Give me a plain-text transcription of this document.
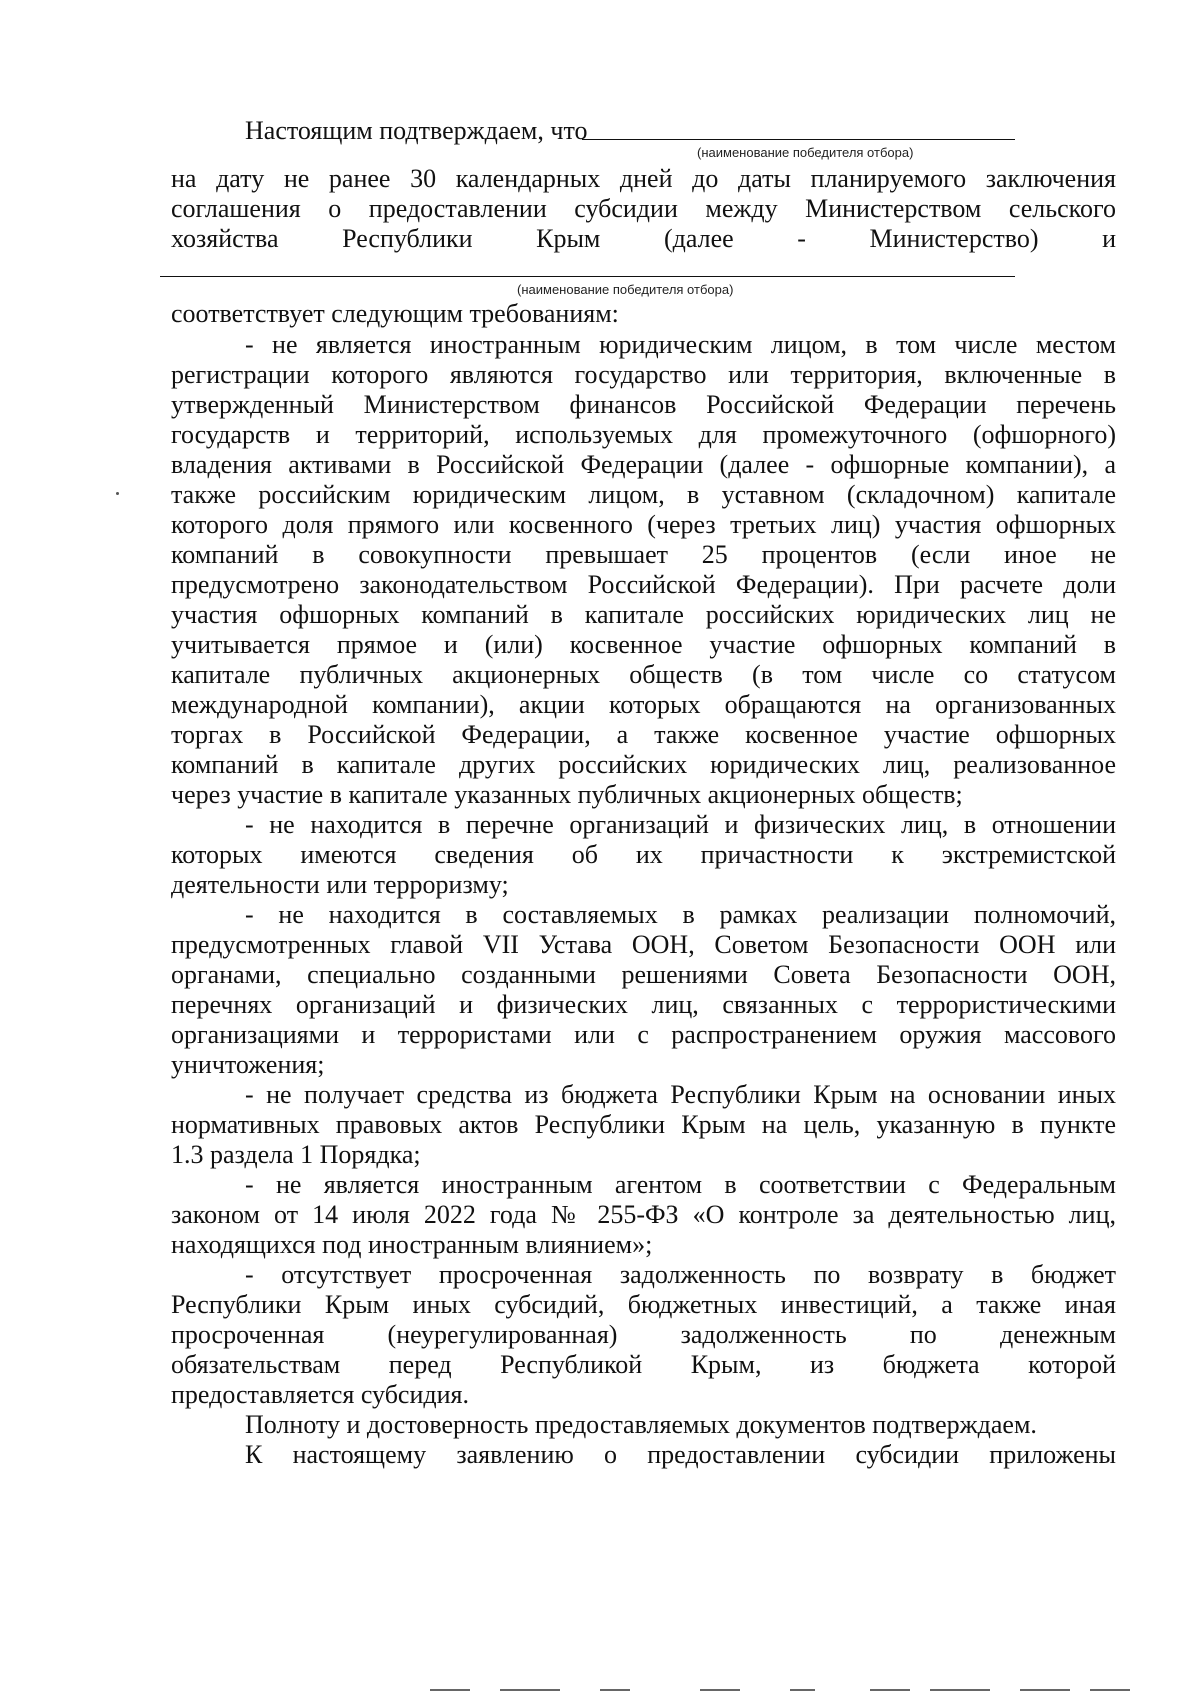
Настоящим подтверждаем, что
(наименование победителя отбора)
на дату не ранее 30 календарных дней до даты планируемого заключения
соглашения о предоставлении субсидии между Министерством сельского
хозяйства Республики Крым (далее - Министерство) и
(наименование победителя отбора)
соответствует следующим требованиям:
- не является иностранным юридическим лицом, в том числе местом
регистрации которого являются государство или территория, включенные в
утвержденный Министерством финансов Российской Федерации перечень
государств и территорий, используемых для промежуточного (офшорного)
владения активами в Российской Федерации (далее - офшорные компании), а
также российским юридическим лицом, в уставном (складочном) капитале
которого доля прямого или косвенного (через третьих лиц) участия офшорных
компаний в совокупности превышает 25 процентов (если иное не
предусмотрено законодательством Российской Федерации). При расчете доли
участия офшорных компаний в капитале российских юридических лиц не
учитывается прямое и (или) косвенное участие офшорных компаний в
капитале публичных акционерных обществ (в том числе со статусом
международной компании), акции которых обращаются на организованных
торгах в Российской Федерации, а также косвенное участие офшорных
компаний в капитале других российских юридических лиц, реализованное
через участие в капитале указанных публичных акционерных обществ;
- не находится в перечне организаций и физических лиц, в отношении
которых имеются сведения об их причастности к экстремистской
деятельности или терроризму;
- не находится в составляемых в рамках реализации полномочий,
предусмотренных главой VII Устава ООН, Советом Безопасности ООН или
органами, специально созданными решениями Совета Безопасности ООН,
перечнях организаций и физических лиц, связанных с террористическими
организациями и террористами или с распространением оружия массового
уничтожения;
- не получает средства из бюджета Республики Крым на основании иных
нормативных правовых актов Республики Крым на цель, указанную в пункте
1.3 раздела 1 Порядка;
- не является иностранным агентом в соответствии с Федеральным
законом от 14 июля 2022 года № 255-ФЗ «О контроле за деятельностью лиц,
находящихся под иностранным влиянием»;
- отсутствует просроченная задолженность по возврату в бюджет
Республики Крым иных субсидий, бюджетных инвестиций, а также иная
просроченная (неурегулированная) задолженность по денежным
обязательствам перед Республикой Крым, из бюджета которой
предоставляется субсидия.
Полноту и достоверность предоставляемых документов подтверждаем.
К настоящему заявлению о предоставлении субсидии приложены
